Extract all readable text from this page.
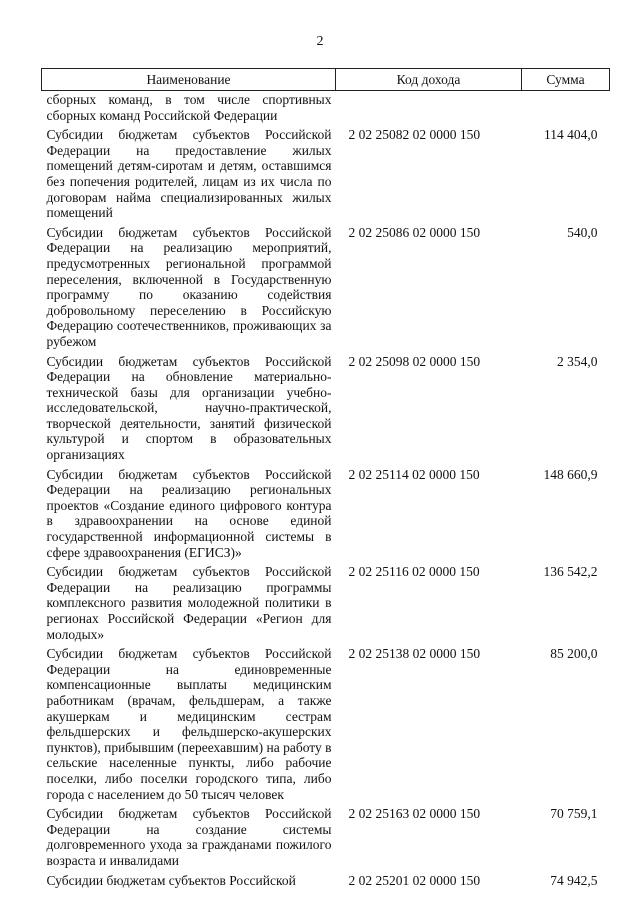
2
Наименование	Код дохода	Сумма
сборных команд, в том числе спортивных сборных команд Российской Федерации		
Субсидии бюджетам субъектов Российской Федерации на предоставление жилых помещений детям-сиротам и детям, оставшимся без попечения родителей, лицам из их числа по договорам найма специализированных жилых помещений	2 02 25082 02 0000 150	114 404,0
Субсидии бюджетам субъектов Российской Федерации на реализацию мероприятий, предусмотренных региональной программой переселения, включенной в Государственную программу по оказанию содействия добровольному переселению в Российскую Федерацию соотечественников, проживающих за рубежом	2 02 25086 02 0000 150	540,0
Субсидии бюджетам субъектов Российской Федерации на обновление материально-технической базы для организации учебно-исследовательской, научно-практической, творческой деятельности, занятий физической культурой и спортом в образовательных организациях	2 02 25098 02 0000 150	2 354,0
Субсидии бюджетам субъектов Российской Федерации на реализацию региональных проектов «Создание единого цифрового контура в здравоохранении на основе единой государственной информационной системы в сфере здравоохранения (ЕГИСЗ)»	2 02 25114 02 0000 150	148 660,9
Субсидии бюджетам субъектов Российской Федерации на реализацию программы комплексного развития молодежной политики в регионах Российской Федерации «Регион для молодых»	2 02 25116 02 0000 150	136 542,2
Субсидии бюджетам субъектов Российской Федерации на единовременные компенсационные выплаты медицинским работникам (врачам, фельдшерам, а также акушеркам и медицинским сестрам фельдшерских и фельдшерско-акушерских пунктов), прибывшим (переехавшим) на работу в сельские населенные пункты, либо рабочие поселки, либо поселки городского типа, либо города с населением до 50 тысяч человек	2 02 25138 02 0000 150	85 200,0
Субсидии бюджетам субъектов Российской Федерации на создание системы долговременного ухода за гражданами пожилого возраста и инвалидами	2 02 25163 02 0000 150	70 759,1
Субсидии бюджетам субъектов Российской	2 02 25201 02 0000 150	74 942,5
